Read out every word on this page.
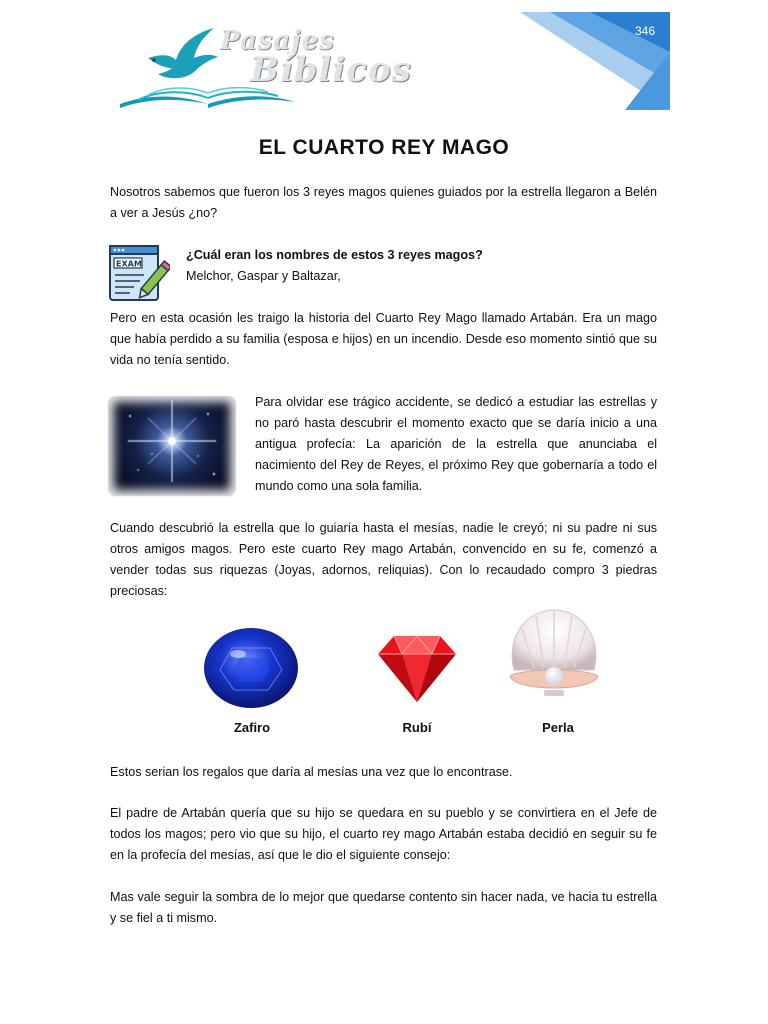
346
Pasajes
Bíblicos
EL CUARTO REY MAGO

Nosotros sabemos que fueron los 3 reyes magos quienes guiados por la estrella llegaron a Belén a ver a Jesús ¿no?

EXAM
¿Cuál eran los nombres de estos 3 reyes magos?
Melchor, Gaspar y Baltazar,

Pero en esta ocasión les traigo la historia del Cuarto Rey Mago llamado Artabán. Era un mago que había perdido a su familia (esposa e hijos) en un incendio. Desde eso momento sintió que su vida no tenía sentido.

Para olvidar ese trágico accidente, se dedicó a estudiar las estrellas y no paró hasta descubrir el momento exacto que se daría inicio a una antigua profecía: La aparición de la estrella que anunciaba el nacimiento del Rey de Reyes, el próximo Rey que gobernaría a todo el mundo como una sola familia.

Cuando descubrió la estrella que lo guiaría hasta el mesías, nadie le creyó; ni su padre ni sus otros amigos magos. Pero este cuarto Rey mago Artabán, convencido en su fe, comenzó a vender todas sus riquezas (Joyas, adornos, reliquias). Con lo recaudado compro 3 piedras preciosas:

Zafiro	Rubí	Perla

Estos serian los regalos que daría al mesías una vez que lo encontrase.

El padre de Artabán quería que su hijo se quedara en su pueblo y se convirtiera en el Jefe de todos los magos; pero vio que su hijo, el cuarto rey mago Artabán estaba decidió en seguir su fe en la profecía del mesías, así que le dio el siguiente consejo:

Mas vale seguir la sombra de lo mejor que quedarse contento sin hacer nada, ve hacia tu estrella y se fiel a ti mismo.
